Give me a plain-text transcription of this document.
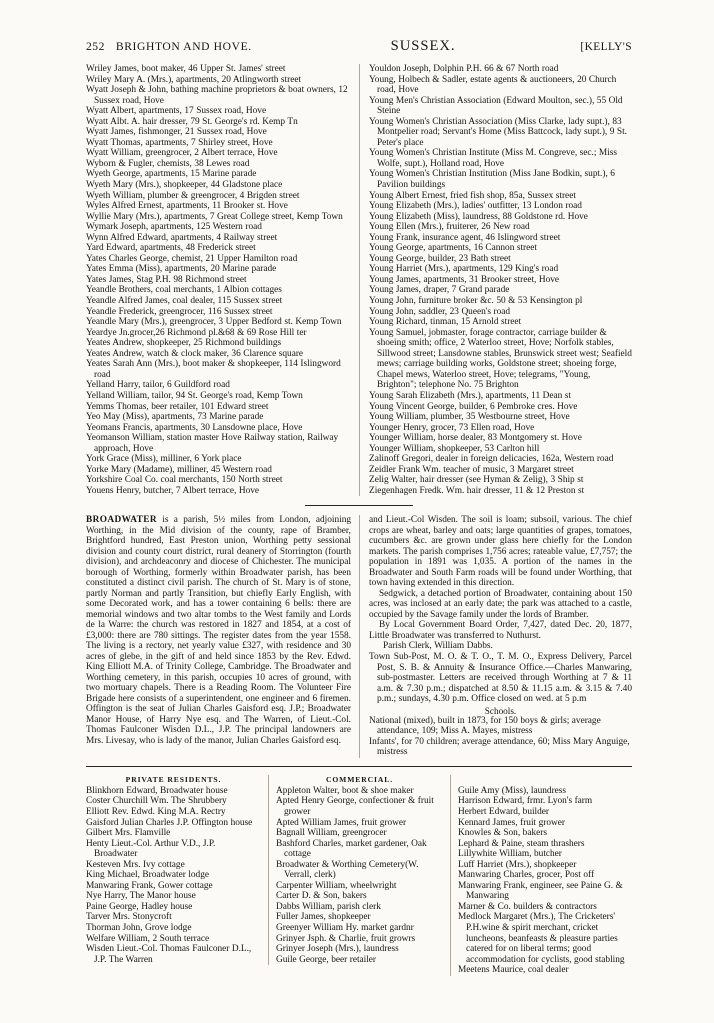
252 BRIGHTON AND HOVE.	SUSSEX.	[KELLY'S

Wriley James, boot maker, 46 Upper St. James' street

Wriley Mary A. (Mrs.), apartments, 20 Atlingworth street

Wyatt Joseph & John, bathing machine proprietors & boat owners, 12 Sussex road, Hove

Wyatt Albert, apartments, 17 Sussex road, Hove

Wyatt Albt. A. hair dresser, 79 St. George's rd. Kemp Tn

Wyatt James, fishmonger, 21 Sussex road, Hove

Wyatt Thomas, apartments, 7 Shirley street, Hove

Wyatt William, greengrocer, 2 Albert terrace, Hove

Wyborn & Fugler, chemists, 38 Lewes road

Wyeth George, apartments, 15 Marine parade

Wyeth Mary (Mrs.), shopkeeper, 44 Gladstone place

Wyeth William, plumber & greengrocer, 4 Brigden street

Wyles Alfred Ernest, apartments, 11 Brooker st. Hove

Wyllie Mary (Mrs.), apartments, 7 Great College street, Kemp Town

Wymark Joseph, apartments, 125 Western road

Wynn Alfred Edward, apartments, 4 Railway street

Yard Edward, apartments, 48 Frederick street

Yates Charles George, chemist, 21 Upper Hamilton road

Yates Emma (Miss), apartments, 20 Marine parade

Yates James, Stag P.H. 98 Richmond street

Yeandle Brothers, coal merchants, 1 Albion cottages

Yeandle Alfred James, coal dealer, 115 Sussex street

Yeandle Frederick, greengrocer, 116 Sussex street

Yeandle Mary (Mrs.), greengrocer, 3 Upper Bedford st. Kemp Town

Yeardye Jn.grocer,26 Richmond pl.&68 & 69 Rose Hill ter

Yeates Andrew, shopkeeper, 25 Richmond buildings

Yeates Andrew, watch & clock maker, 36 Clarence square

Yeates Sarah Ann (Mrs.), boot maker & shopkeeper, 114 Islingword road

Yelland Harry, tailor, 6 Guildford road

Yelland William, tailor, 94 St. George's road, Kemp Town

Yemms Thomas, beer retailer, 101 Edward street

Yeo May (Miss), apartments, 73 Marine parade

Yeomans Francis, apartments, 30 Lansdowne place, Hove

Yeomanson William, station master Hove Railway station, Railway approach, Hove

York Grace (Miss), milliner, 6 York place

Yorke Mary (Madame), milliner, 45 Western road

Yorkshire Coal Co. coal merchants, 150 North street

Youens Henry, butcher, 7 Albert terrace, Hove

Youldon Joseph, Dolphin P.H. 66 & 67 North road

Young, Holbech & Sadler, estate agents & auctioneers, 20 Church road, Hove

Young Men's Christian Association (Edward Moulton, sec.), 55 Old Steine

Young Women's Christian Association (Miss Clarke, lady supt.), 83 Montpelier road; Servant's Home (Miss Battcock, lady supt.), 9 St. Peter's place

Young Women's Christian Institute (Miss M. Congreve, sec.; Miss Wolfe, supt.), Holland road, Hove

Young Women's Christian Institution (Miss Jane Bodkin, supt.), 6 Pavilion buildings

Young Albert Ernest, fried fish shop, 85a, Sussex street

Young Elizabeth (Mrs.), ladies' outfitter, 13 London road

Young Elizabeth (Miss), laundress, 88 Goldstone rd. Hove

Young Ellen (Mrs.), fruiterer, 26 New road

Young Frank, insurance agent, 46 Islingword street

Young George, apartments, 16 Cannon street

Young George, builder, 23 Bath street

Young Harriet (Mrs.), apartments, 129 King's road

Young James, apartments, 31 Brooker street, Hove

Young James, draper, 7 Grand parade

Young John, furniture broker &c. 50 & 53 Kensington pl

Young John, saddler, 23 Queen's road

Young Richard, tinman, 15 Arnold street

Young Samuel, jobmaster, forage contractor, carriage builder & shoeing smith; office, 2 Waterloo street, Hove; Norfolk stables, Sillwood street; Lansdowne stables, Brunswick street west; Seafield mews; carriage building works, Goldstone street; shoeing forge, Chapel mews, Waterloo street, Hove; telegrams, "Young, Brighton"; telephone No. 75 Brighton

Young Sarah Elizabeth (Mrs.), apartments, 11 Dean st

Young Vincent George, builder, 6 Pembroke cres. Hove

Young William, plumber, 35 Westbourne street, Hove

Younger Henry, grocer, 73 Ellen road, Hove

Younger William, horse dealer, 83 Montgomery st. Hove

Younger William, shopkeeper, 53 Carlton hill

Zalinoff Gregori, dealer in foreign delicacies, 162a, Western road

Zeidler Frank Wm. teacher of music, 3 Margaret street

Zelig Walter, hair dresser (see Hyman & Zelig), 3 Ship st

Ziegenhagen Fredk. Wm. hair dresser, 11 & 12 Preston st

BROADWATER is a parish, 5½ miles from London, adjoining Worthing, in the Mid division of the county, rape of Bramber, Brightford hundred, East Preston union, Worthing petty sessional division and county court district, rural deanery of Storrington (fourth division), and archdeaconry and diocese of Chichester. The municipal borough of Worthing, formerly within Broadwater parish, has been constituted a distinct civil parish. The church of St. Mary is of stone, partly Norman and partly Transition, but chiefly Early English, with some Decorated work, and has a tower containing 6 bells: there are memorial windows and two altar tombs to the West family and Lords de la Warre: the church was restored in 1827 and 1854, at a cost of £3,000: there are 780 sittings. The register dates from the year 1558. The living is a rectory, net yearly value £327, with residence and 30 acres of glebe, in the gift of and held since 1853 by the Rev. Edwd. King Elliott M.A. of Trinity College, Cambridge. The Broadwater and Worthing cemetery, in this parish, occupies 10 acres of ground, with two mortuary chapels. There is a Reading Room. The Volunteer Fire Brigade here consists of a superintendent, one engineer and 6 firemen. Offington is the seat of Julian Charles Gaisford esq. J.P.; Broadwater Manor House, of Harry Nye esq. and The Warren, of Lieut.-Col. Thomas Faulconer Wisden D.L., J.P. The principal landowners are Mrs. Livesay, who is lady of the manor, Julian Charles Gaisford esq.

and Lieut.-Col Wisden. The soil is loam; subsoil, various. The chief crops are wheat, barley and oats; large quantities of grapes, tomatoes, cucumbers &c. are grown under glass here chiefly for the London markets. The parish comprises 1,756 acres; rateable value, £7,757; the population in 1891 was 1,035. A portion of the names in the Broadwater and South Farm roads will be found under Worthing, that town having extended in this direction.

Sedgwick, a detached portion of Broadwater, containing about 150 acres, was inclosed at an early date; the park was attached to a castle, occupied by the Savage family under the lords of Bramber.

By Local Government Board Order, 7,427, dated Dec. 20, 1877, Little Broadwater was transferred to Nuthurst.

Parish Clerk, William Dabbs.

Town Sub-Post, M. O. & T. O., T. M. O., Express Delivery, Parcel Post, S. B. & Annuity & Insurance Office.—Charles Manwaring, sub-postmaster. Letters are received through Worthing at 7 & 11 a.m. & 7.30 p.m.; dispatched at 8.50 & 11.15 a.m. & 3.15 & 7.40 p.m.; sundays, 4.30 p.m. Office closed on wed. at 5 p.m

Schools.

National (mixed), built in 1873, for 150 boys & girls; average attendance, 109; Miss A. Mayes, mistress

Infants', for 70 children; average attendance, 60; Miss Mary Anguige, mistress

PRIVATE RESIDENTS.

Blinkhorn Edward, Broadwater house

Coster Churchill Wm. The Shrubbery

Elliott Rev. Edwd. King M.A. Rectry

Gaisford Julian Charles J.P. Offington house

Gilbert Mrs. Flamville

Henty Lieut.-Col. Arthur V.D., J.P. Broadwater

Kesteven Mrs. Ivy cottage

King Michael, Broadwater lodge

Manwaring Frank, Gower cottage

Nye Harry, The Manor house

Paine George, Hadley house

Tarver Mrs. Stonycroft

Thorman John, Grove lodge

Welfare William, 2 South terrace

Wisden Lieut.-Col. Thomas Faulconer D.L., J.P. The Warren

COMMERCIAL.

Appleton Walter, boot & shoe maker

Apted Henry George, confectioner & fruit grower

Apted William James, fruit grower

Bagnall William, greengrocer

Bashford Charles, market gardener, Oak cottage

Broadwater & Worthing Cemetery(W. Verrall, clerk)

Carpenter William, wheelwright

Carter D. & Son, bakers

Dabbs William, parish clerk

Fuller James, shopkeeper

Greenyer William Hy. market gardnr

Grinyer Jsph. & Charlie, fruit growrs

Grinyer Joseph (Mrs.), laundress

Guile George, beer retailer

Guile Amy (Miss), laundress

Harrison Edward, frmr. Lyon's farm

Herbert Edward, builder

Kennard James, fruit grower

Knowles & Son, bakers

Lephard & Paine, steam thrashers

Lillywhite William, butcher

Luff Harriet (Mrs.), shopkeeper

Manwaring Charles, grocer, Post off

Manwaring Frank, engineer, see Paine G. & Manwaring

Marner & Co. builders & contractors

Medlock Margaret (Mrs.), The Cricketers' P.H.wine & spirit merchant, cricket luncheons, beanfeasts & pleasure parties catered for on liberal terms; good accommodation for cyclists, good stabling

Meetens Maurice, coal dealer
